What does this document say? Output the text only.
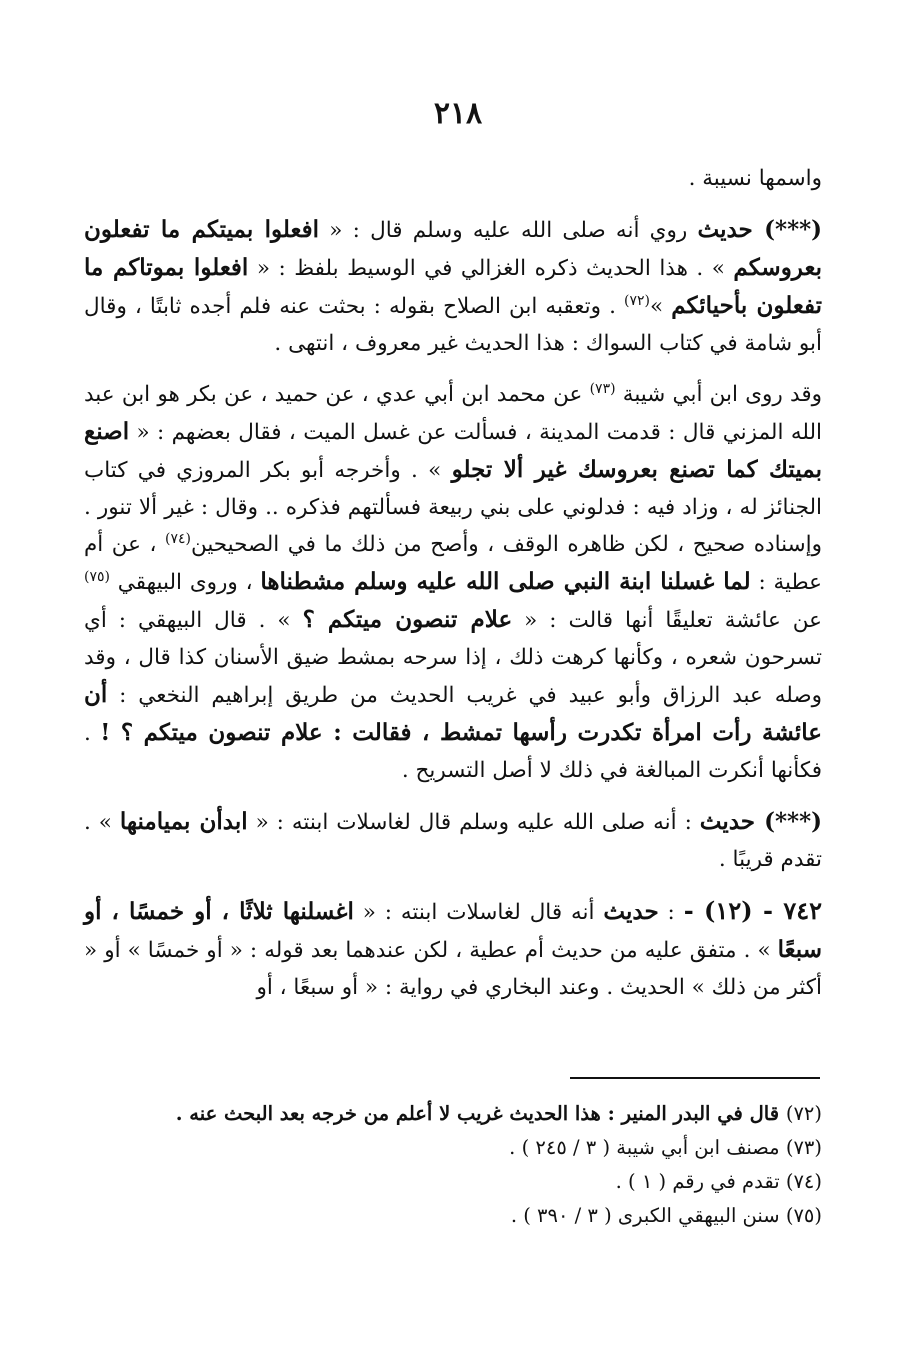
٢١٨

واسمها نسيبة .

(***) حديث روي أنه صلى الله عليه وسلم قال : « افعلوا بميتكم ما تفعلون بعروسكم » . هذا الحديث ذكره الغزالي في الوسيط بلفظ : « افعلوا بموتاكم ما تفعلون بأحيائكم »$^{(٧٢)}$ . وتعقبه ابن الصلاح بقوله : بحثت عنه فلم أجده ثابتًا ، وقال أبو شامة في كتاب السواك : هذا الحديث غير معروف ، انتهى .

وقد روى ابن أبي شيبة $^{(٧٣)}$ عن محمد ابن أبي عدي ، عن حميد ، عن بكر هو ابن عبد الله المزني قال : قدمت المدينة ، فسألت عن غسل الميت ، فقال بعضهم : « اصنع بميتك كما تصنع بعروسك غير ألا تجلو » . وأخرجه أبو بكر المروزي في كتاب الجنائز له ، وزاد فيه : فدلوني على بني ربيعة فسألتهم فذكره .. وقال : غير ألا تنور . وإسناده صحيح ، لكن ظاهره الوقف ، وأصح من ذلك ما في الصحيحين$^{(٧٤)}$ ، عن أم عطية : لما غسلنا ابنة النبي صلى الله عليه وسلم مشطناها ، وروى البيهقي $^{(٧٥)}$ عن عائشة تعليقًا أنها قالت : « علام تنصون ميتكم ؟ » . قال البيهقي : أي تسرحون شعره ، وكأنها كرهت ذلك ، إذا سرحه بمشط ضيق الأسنان كذا قال ، وقد وصله عبد الرزاق وأبو عبيد في غريب الحديث من طريق إبراهيم النخعي : أن عائشة رأت امرأة تكدرت رأسها تمشط ، فقالت : علام تنصون ميتكم ؟ ! . فكأنها أنكرت المبالغة في ذلك لا أصل التسريح .

(***) حديث : أنه صلى الله عليه وسلم قال لغاسلات ابنته : « ابدأن بميامنها » . تقدم قريبًا .

٧٤٢ - (١٢) - : حديث أنه قال لغاسلات ابنته : « اغسلنها ثلاثًا ، أو خمسًا ، أو سبعًا » . متفق عليه من حديث أم عطية ، لكن عندهما بعد قوله : « أو خمسًا » أو « أكثر من ذلك » الحديث . وعند البخاري في رواية : « أو سبعًا ، أو

(٧٢) قال في البدر المنير : هذا الحديث غريب لا أعلم من خرجه بعد البحث عنه .
(٧٣) مصنف ابن أبي شيبة ( ٣ / ٢٤٥ ) .
(٧٤) تقدم في رقم ( ١ ) .
(٧٥) سنن البيهقي الكبرى ( ٣ / ٣٩٠ ) .
